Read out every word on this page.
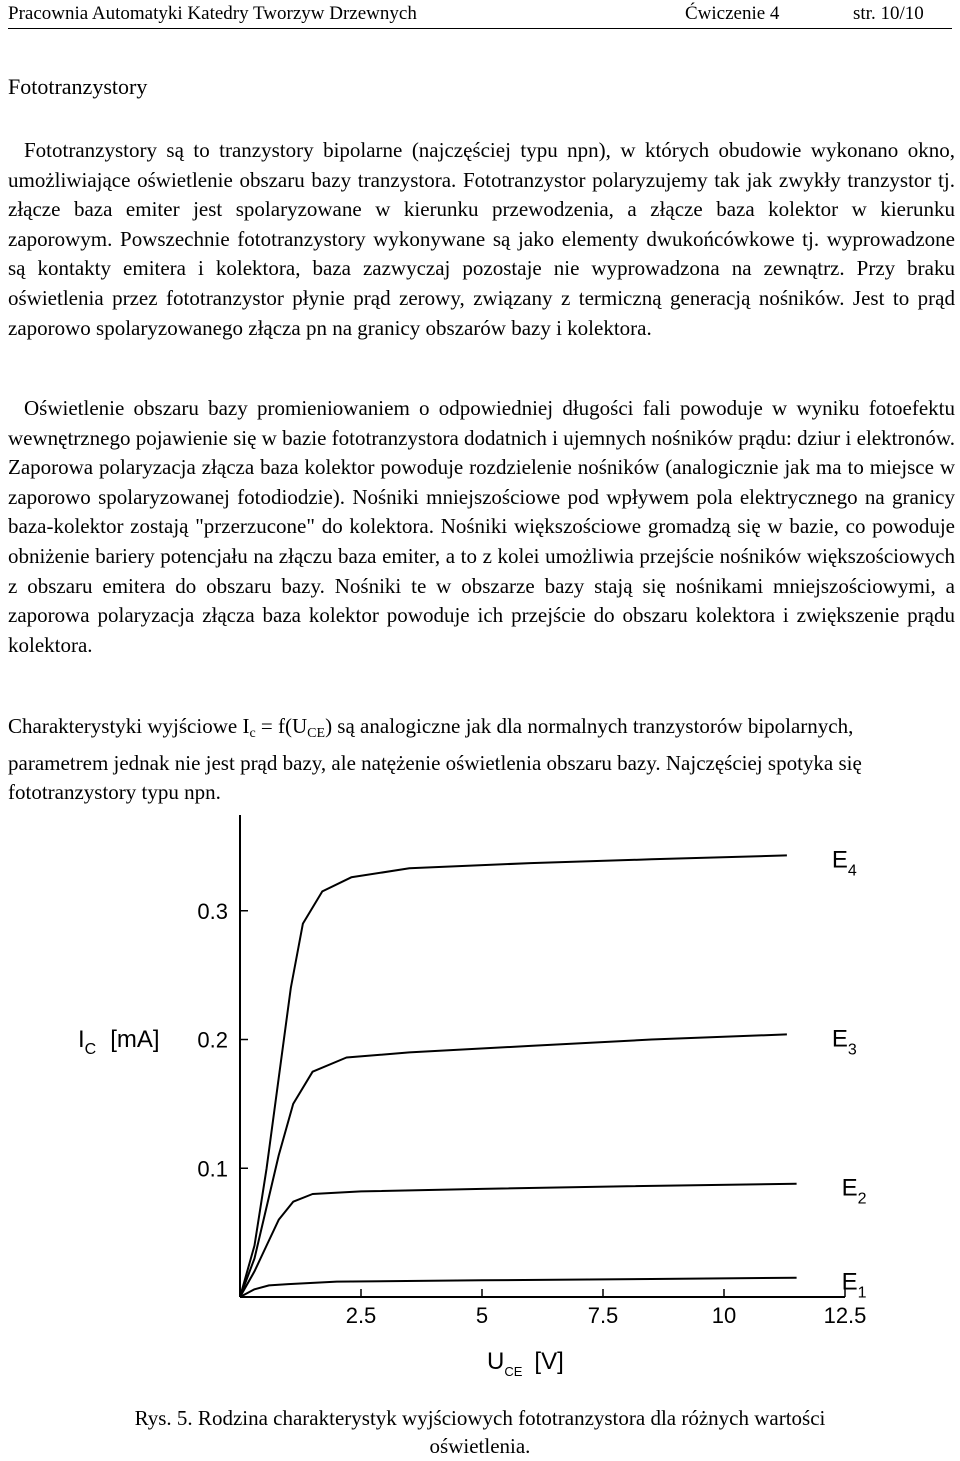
Pracownia Automatyki Katedry Tworzyw Drzewnych	Ćwiczenie 4	str. 10/10
Fototranzystory

Fototranzystory są to tranzystory bipolarne (najczęściej typu npn), w których obudowie wykonano okno, umożliwiające oświetlenie obszaru bazy tranzystora. Fototranzystor polaryzujemy tak jak zwykły tranzystor tj. złącze baza emiter jest spolaryzowane w kierunku przewodzenia, a złącze baza kolektor w kierunku zaporowym. Powszechnie fototranzystory wykonywane są jako elementy dwukońcówkowe tj. wyprowadzone są kontakty emitera i kolektora, baza zazwyczaj pozostaje nie wyprowadzona na zewnątrz. Przy braku oświetlenia przez fototranzystor płynie prąd zerowy, związany z termiczną generacją nośników. Jest to prąd zaporowo spolaryzowanego złącza pn na granicy obszarów bazy i kolektora.

Oświetlenie obszaru bazy promieniowaniem o odpowiedniej długości fali powoduje w wyniku fotoefektu wewnętrznego pojawienie się w bazie fototranzystora dodatnich i ujemnych nośników prądu: dziur i elektronów. Zaporowa polaryzacja złącza baza kolektor powoduje rozdzielenie nośników (analogicznie jak ma to miejsce w zaporowo spolaryzowanej fotodiodzie). Nośniki mniejszościowe pod wpływem pola elektrycznego na granicy baza-kolektor zostają "przerzucone" do kolektora. Nośniki większościowe gromadzą się w bazie, co powoduje obniżenie bariery potencjału na złączu baza emiter, a to z kolei umożliwia przejście nośników większościowych z obszaru emitera do obszaru bazy. Nośniki te w obszarze bazy stają się nośnikami mniejszościowymi, a zaporowa polaryzacja złącza baza kolektor powoduje ich przejście do obszaru kolektora i zwiększenie prądu kolektora.

Charakterystyki wyjściowe $I_c = f(U_{CE})$ są analogiczne jak dla normalnych tranzystorów bipolarnych, parametrem jednak nie jest prąd bazy, ale natężenie oświetlenia obszaru bazy. Najczęściej spotyka się fototranzystory typu npn.

0.1
0.2
0.3
2.5	5	7.5	10	12.5
$I_C$ [mA]
$U_{CE}$ [V]
$E_1$
$E_2$
$E_3$
$E_4$
Rys. 5. Rodzina charakterystyk wyjściowych fototranzystora dla różnych wartości
oświetlenia.
